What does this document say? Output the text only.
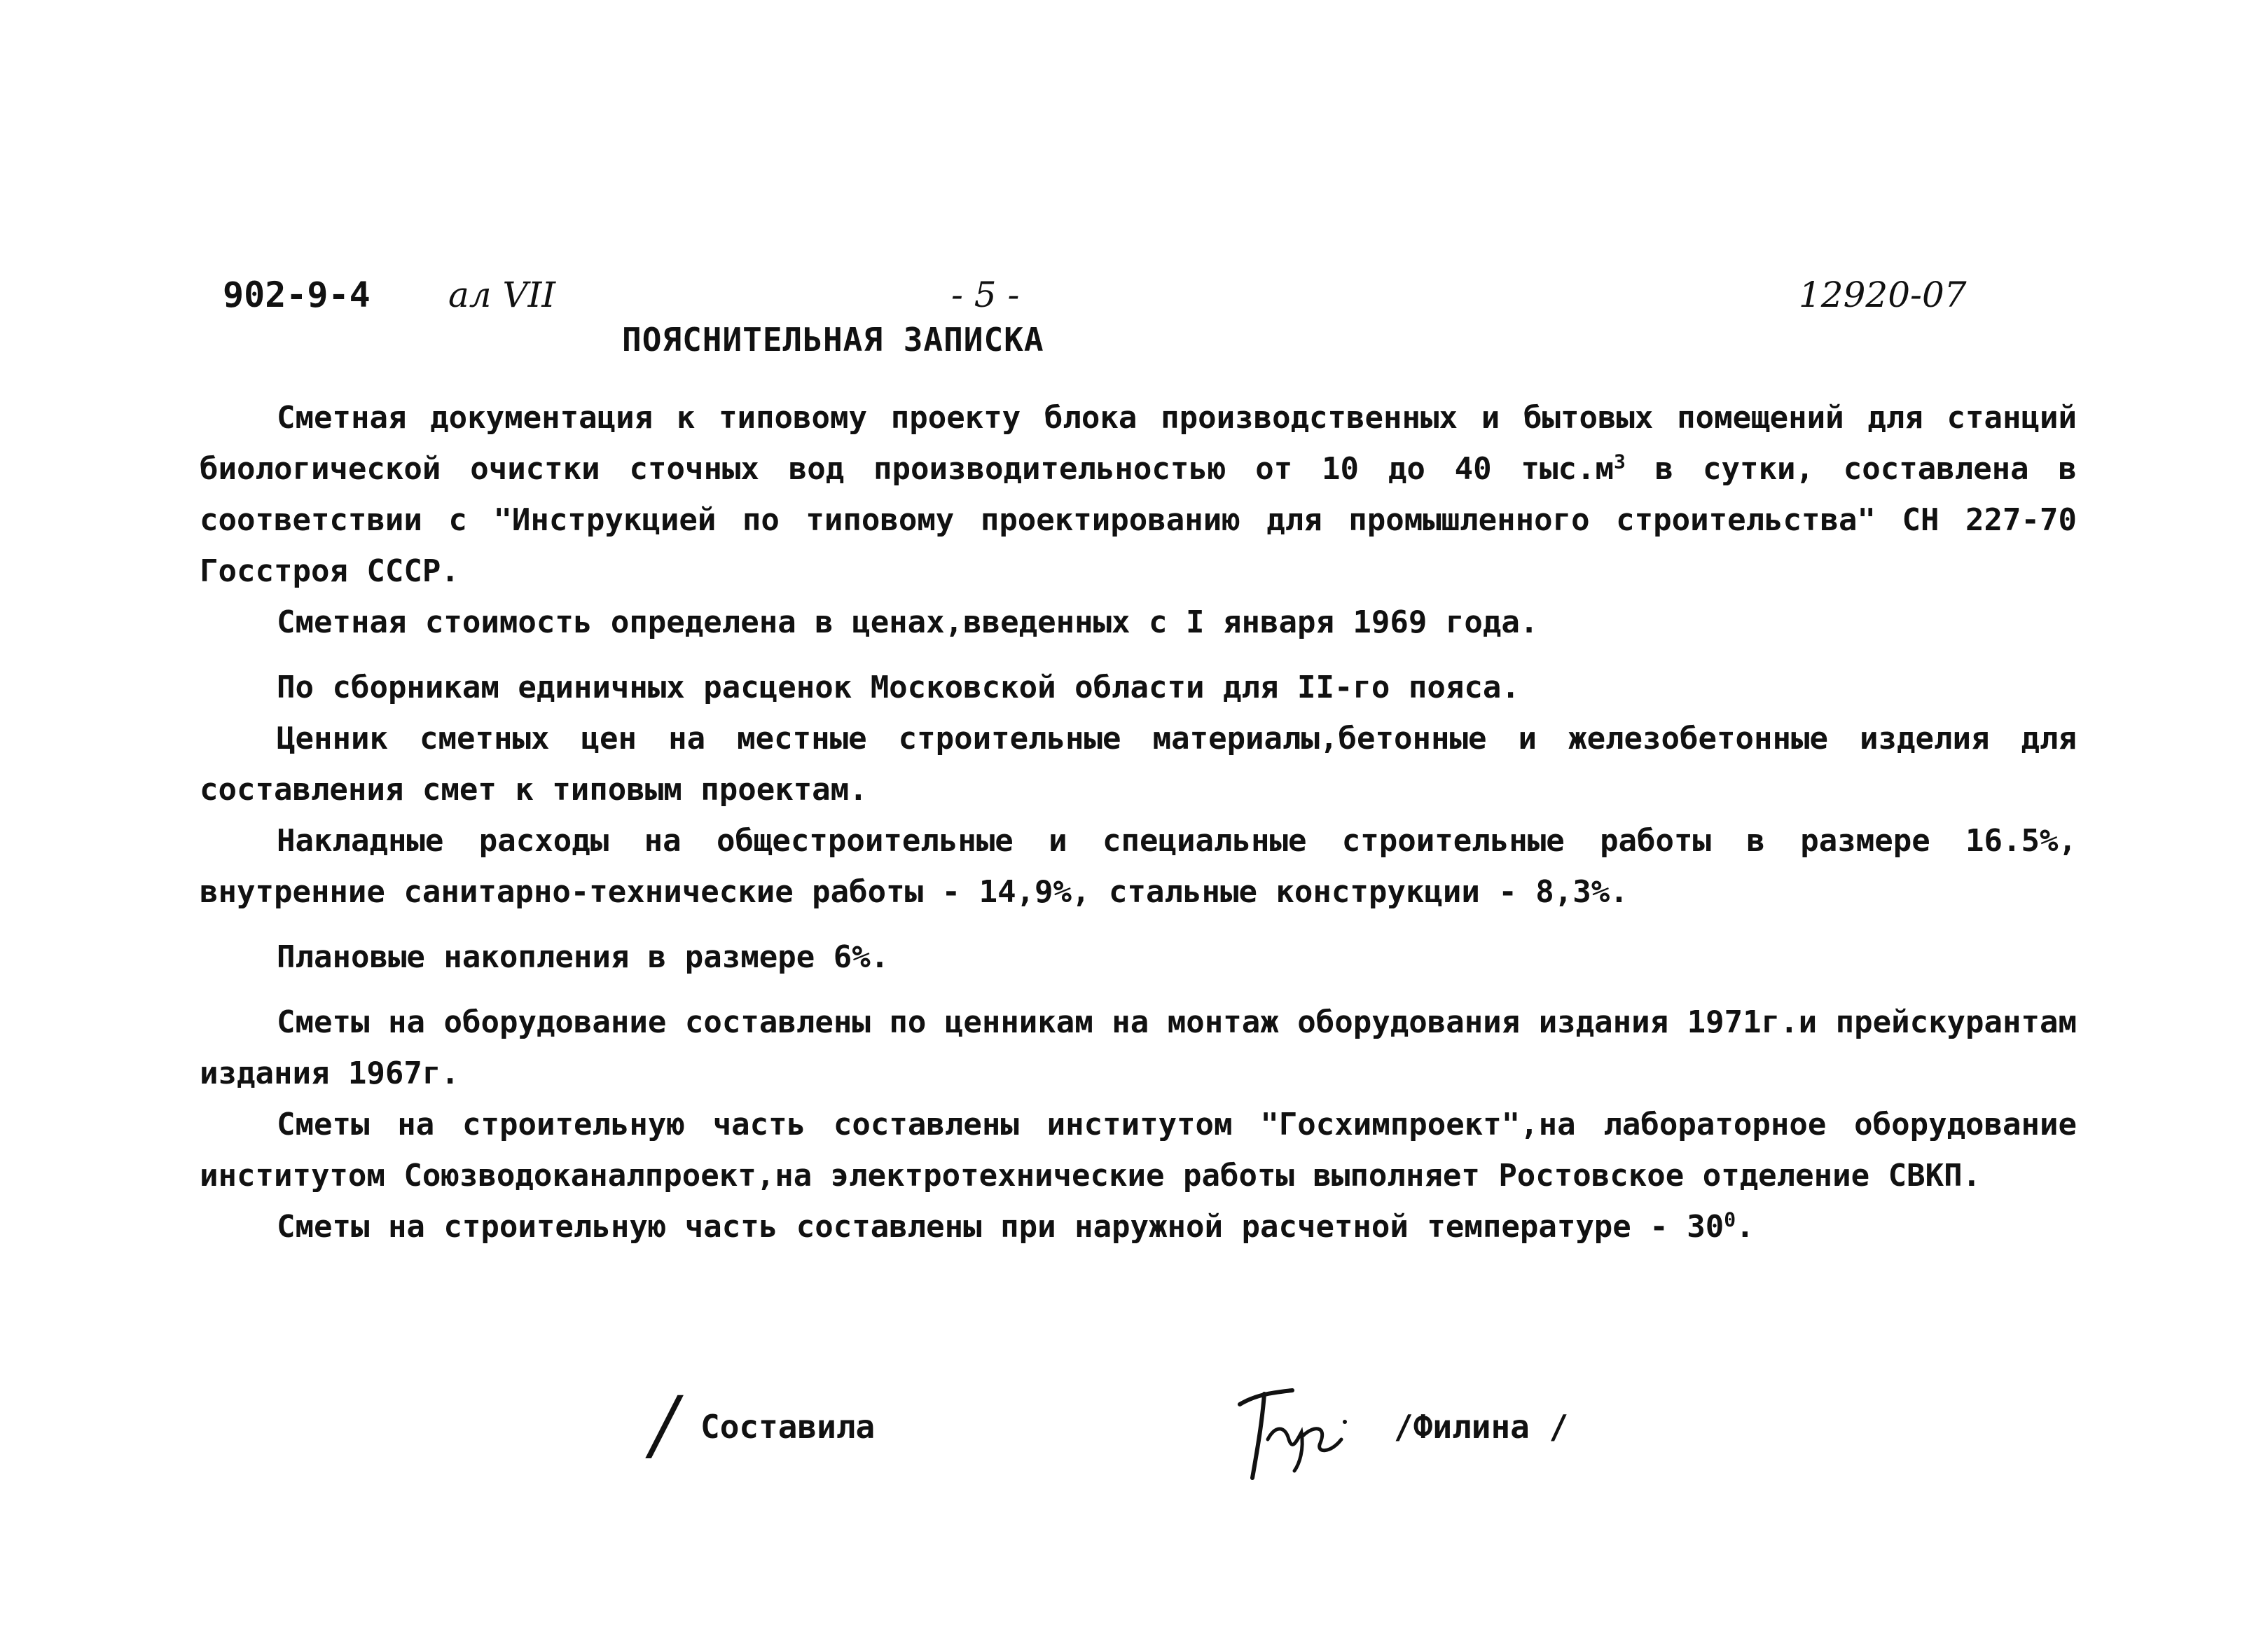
902-9-4 ал VII	- 5 -	12920-07
ПОЯСНИТЕЛЬНАЯ ЗАПИСКА

Сметная документация к типовому проекту блока производственных и бытовых помещений для станций биологической очистки сточных вод производительностью от 10 до 40 $тыс.м^3$ в сутки, составлена в соответствии с "Инструкцией по типовому проектированию для промышленного строительства" СН 227-70 Госстроя СССР.

Сметная стоимость определена в ценах,введенных с I января 1969 года.

По сборникам единичных расценок Московской области для II-го пояса.

Ценник сметных цен на местные строительные материалы,бетонные и железобетонные изделия для составления смет к типовым проектам.

Накладные расходы на общестроительные и специальные строительные работы в размере 16.5%, внутренние санитарно-технические работы - 14,9%, стальные конструкции - 8,3%.

Плановые накопления в размере 6%.

Сметы на оборудование составлены по ценникам на монтаж оборудования издания 1971г.и прейскурантам издания 1967г.

Сметы на строительную часть составлены институтом "Госхимпроект",на лабораторное оборудование институтом Союзводоканалпроект,на электротехнические работы выполняет Ростовское отделение СВКП.

Сметы на строительную часть составлены при наружной расчетной температуре - $30^0$.

/ Составила	/Филина /
